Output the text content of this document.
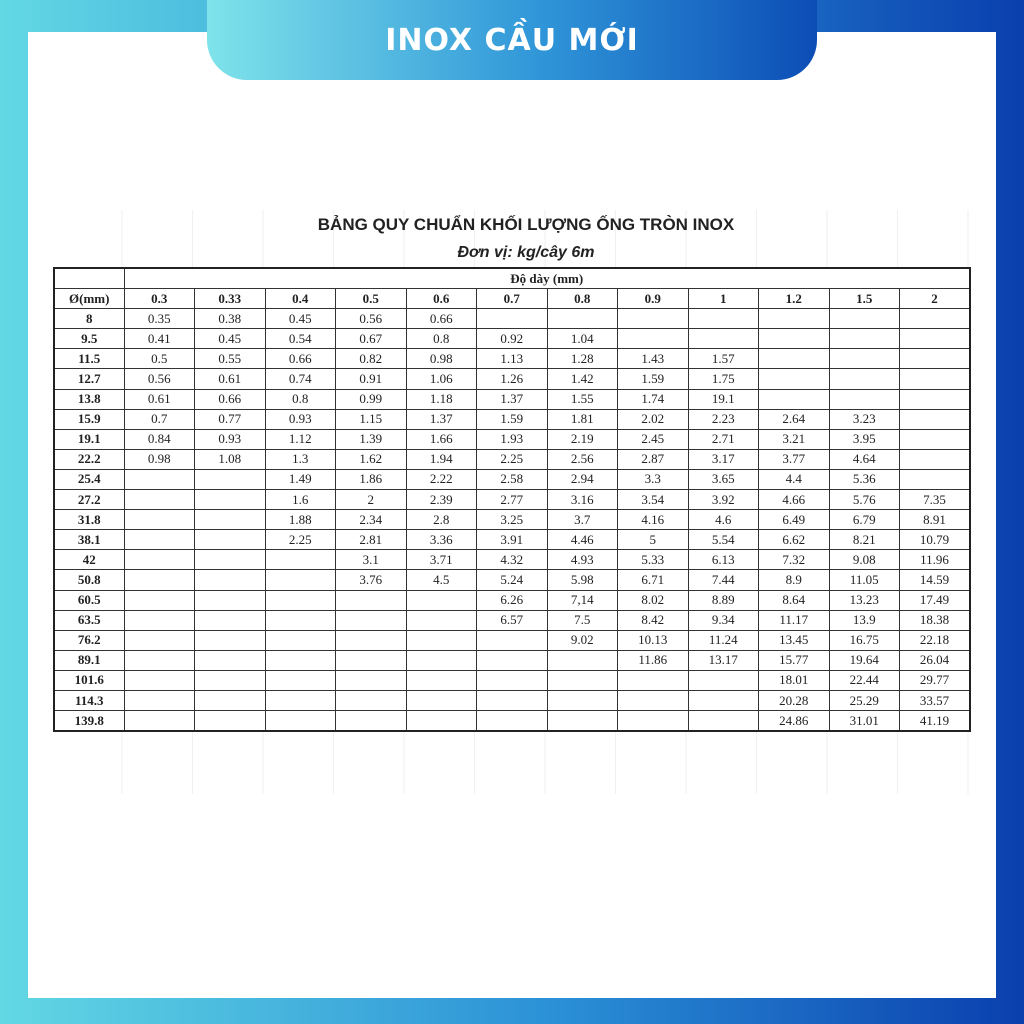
INOX CẦU MỚI
BẢNG QUY CHUẨN KHỐI LƯỢNG ỐNG TRÒN INOX
Đơn vị: kg/cây 6m
	Độ dày (mm)											
Ø(mm)	0.3	0.33	0.4	0.5	0.6	0.7	0.8	0.9	1	1.2	1.5	2
8	0.35	0.38	0.45	0.56	0.66							
9.5	0.41	0.45	0.54	0.67	0.8	0.92	1.04					
11.5	0.5	0.55	0.66	0.82	0.98	1.13	1.28	1.43	1.57			
12.7	0.56	0.61	0.74	0.91	1.06	1.26	1.42	1.59	1.75			
13.8	0.61	0.66	0.8	0.99	1.18	1.37	1.55	1.74	19.1			
15.9	0.7	0.77	0.93	1.15	1.37	1.59	1.81	2.02	2.23	2.64	3.23	
19.1	0.84	0.93	1.12	1.39	1.66	1.93	2.19	2.45	2.71	3.21	3.95	
22.2	0.98	1.08	1.3	1.62	1.94	2.25	2.56	2.87	3.17	3.77	4.64	
25.4			1.49	1.86	2.22	2.58	2.94	3.3	3.65	4.4	5.36	
27.2			1.6	2	2.39	2.77	3.16	3.54	3.92	4.66	5.76	7.35
31.8			1.88	2.34	2.8	3.25	3.7	4.16	4.6	6.49	6.79	8.91
38.1			2.25	2.81	3.36	3.91	4.46	5	5.54	6.62	8.21	10.79
42				3.1	3.71	4.32	4.93	5.33	6.13	7.32	9.08	11.96
50.8				3.76	4.5	5.24	5.98	6.71	7.44	8.9	11.05	14.59
60.5						6.26	7,14	8.02	8.89	8.64	13.23	17.49
63.5						6.57	7.5	8.42	9.34	11.17	13.9	18.38
76.2							9.02	10.13	11.24	13.45	16.75	22.18
89.1								11.86	13.17	15.77	19.64	26.04
101.6										18.01	22.44	29.77
114.3										20.28	25.29	33.57
139.8										24.86	31.01	41.19
